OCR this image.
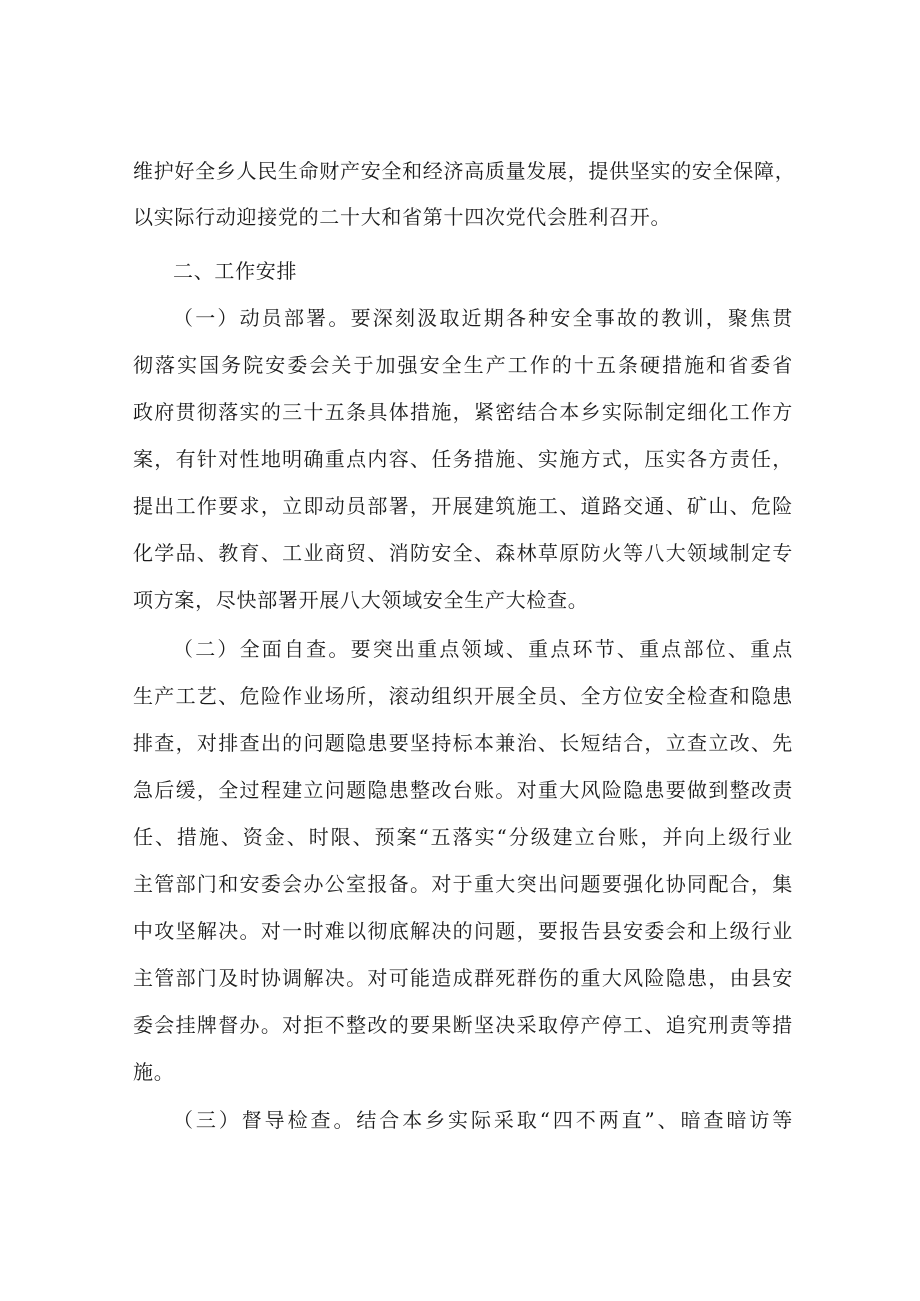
维护好全乡人民生命财产安全和经济高质量发展，提供坚实的安全保障，
以实际行动迎接党的二十大和省第十四次党代会胜利召开。
二、工作安排
（一）动员部署。要深刻汲取近期各种安全事故的教训，聚焦贯
彻落实国务院安委会关于加强安全生产工作的十五条硬措施和省委省
政府贯彻落实的三十五条具体措施，紧密结合本乡实际制定细化工作方
案，有针对性地明确重点内容、任务措施、实施方式，压实各方责任，
提出工作要求，立即动员部署，开展建筑施工、道路交通、矿山、危险
化学品、教育、工业商贸、消防安全、森林草原防火等八大领域制定专
项方案，尽快部署开展八大领域安全生产大检查。
（二）全面自查。要突出重点领域、重点环节、重点部位、重点
生产工艺、危险作业场所，滚动组织开展全员、全方位安全检查和隐患
排查，对排查出的问题隐患要坚持标本兼治、长短结合，立查立改、先
急后缓，全过程建立问题隐患整改台账。对重大风险隐患要做到整改责
任、措施、资金、时限、预案“五落实“分级建立台账，并向上级行业
主管部门和安委会办公室报备。对于重大突出问题要强化协同配合，集
中攻坚解决。对一时难以彻底解决的问题，要报告县安委会和上级行业
主管部门及时协调解决。对可能造成群死群伤的重大风险隐患，由县安
委会挂牌督办。对拒不整改的要果断坚决采取停产停工、追究刑责等措
施。
（三）督导检查。结合本乡实际采取“四不两直”、暗查暗访等
